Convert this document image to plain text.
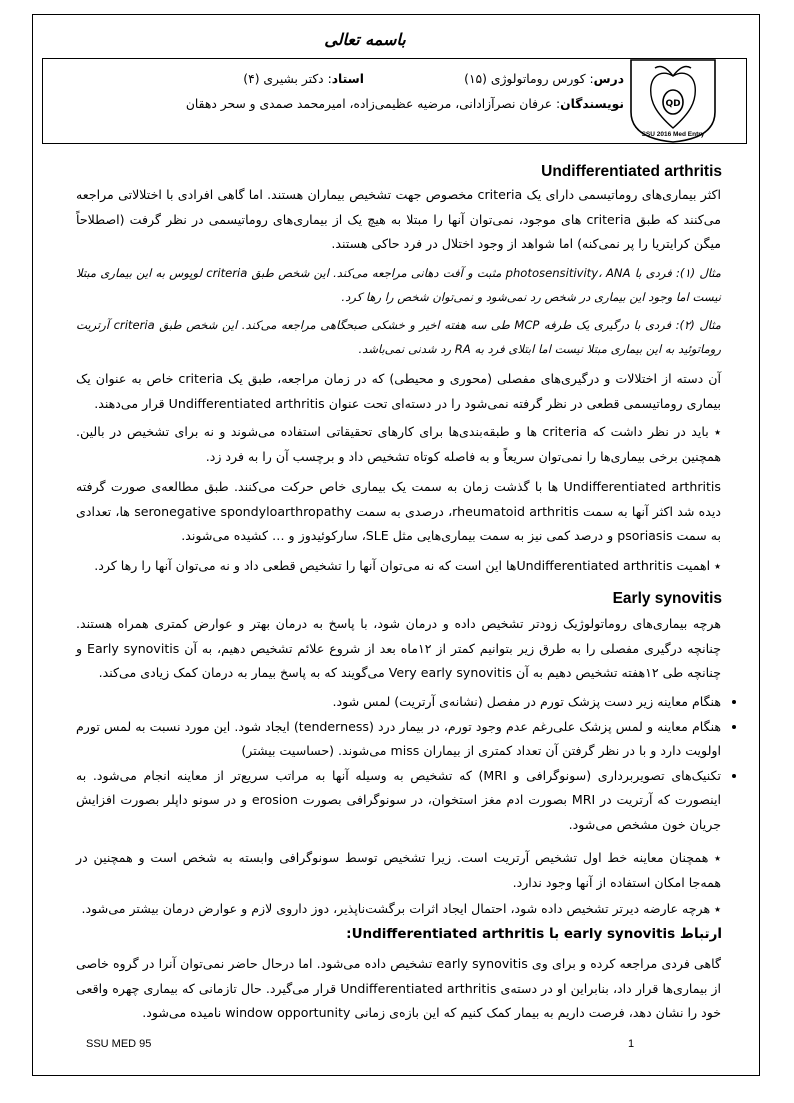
باسمه تعالی
QD
SSU 2016 Med Entry
درس: کورس روماتولوژی (۱۵)
استاد: دکتر بشیری (۴)
نویسندگان: عرفان نصرآزادانی، مرضیه عظیمی‌زاده، امیرمحمد صمدی و سحر دهقان
Undifferentiated arthritis
اکثر بیماری‌های روماتیسمی دارای یک criteria مخصوص جهت تشخیص بیماران هستند. اما گاهی افرادی با اختلالاتی مراجعه می‌کنند که طبق criteria های موجود، نمی‌توان آنها را مبتلا به هیچ یک از بیماری‌های روماتیسمی در نظر گرفت (اصطلاحاً میگن کرایتریا را پر نمی‌کنه) اما شواهد از وجود اختلال در فرد حاکی هستند.
مثال (۱): فردی با photosensitivity، ANA مثبت و آفت دهانی مراجعه می‌کند. این شخص طبق criteria لوپوس به این بیماری مبتلا نیست اما وجود این بیماری در شخص رد نمی‌شود و نمی‌توان شخص را رها کرد.
مثال (۲): فردی با درگیری یک طرفه MCP طی سه هفته اخیر و خشکی صبحگاهی مراجعه می‌کند. این شخص طبق criteria آرتریت روماتوئید به این بیماری مبتلا نیست اما ابتلای فرد به RA رد شدنی نمی‌باشد.
آن دسته از اختلالات و درگیری‌های مفصلی (محوری و محیطی) که در زمان مراجعه، طبق یک criteria خاص به عنوان یک بیماری روماتیسمی قطعی در نظر گرفته نمی‌شود را در دسته‌ای تحت عنوان Undifferentiated arthritis قرار می‌دهند.
٭ باید در نظر داشت که criteria ها و طبقه‌بندی‌ها برای کارهای تحقیقاتی استفاده می‌شوند و نه برای تشخیص در بالین. همچنین برخی بیماری‌ها را نمی‌توان سریعاً و به فاصله کوتاه تشخیص داد و برچسب آن را به فرد زد.
Undifferentiated arthritis ها با گذشت زمان به سمت یک بیماری خاص حرکت می‌کنند. طبق مطالعه‌ی صورت گرفته دیده شد اکثر آنها به سمت rheumatoid arthritis، درصدی به سمت seronegative spondyloarthropathy ها، تعدادی به سمت psoriasis و درصد کمی نیز به سمت بیماری‌هایی مثل SLE، سارکوئیدوز و … کشیده می‌شوند.
٭ اهمیت Undifferentiated arthritisها این است که نه می‌توان آنها را تشخیص قطعی داد و نه می‌توان آنها را رها کرد.
Early synovitis
هرچه بیماری‌های روماتولوژیک زودتر تشخیص داده و درمان شود، با پاسخ به درمان بهتر و عوارض کمتری همراه هستند. چنانچه درگیری مفصلی را به طرق زیر بتوانیم کمتر از ۱۲ماه بعد از شروع علائم تشخیص دهیم، به آن Early synovitis و چنانچه طی ۱۲هفته تشخیص دهیم به آن Very early synovitis می‌گویند که به پاسخ بیمار به درمان کمک زیادی می‌کند.
• هنگام معاینه زیر دست پزشک تورم در مفصل (نشانه‌ی آرتریت) لمس شود.
• هنگام معاینه و لمس پزشک علی‌رغم عدم وجود تورم، در بیمار درد (tenderness) ایجاد شود. این مورد نسبت به لمس تورم اولویت دارد و با در نظر گرفتن آن تعداد کمتری از بیماران miss می‌شوند. (حساسیت بیشتر)
• تکنیک‌های تصویربرداری (سونوگرافی و MRI) که تشخیص به وسیله آنها به مراتب سریع‌تر از معاینه انجام می‌شود. به اینصورت که آرتریت در MRI بصورت ادم مغز استخوان، در سونوگرافی بصورت erosion و در سونو داپلر بصورت افزایش جریان خون مشخص می‌شود.
٭ همچنان معاینه خط اول تشخیص آرتریت است. زیرا تشخیص توسط سونوگرافی وابسته به شخص است و همچنین در همه‌جا امکان استفاده از آنها وجود ندارد.
٭ هرچه عارضه دیرتر تشخیص داده شود، احتمال ایجاد اثرات برگشت‌ناپذیر، دوز داروی لازم و عوارض درمان بیشتر می‌شود.
ارتباط early synovitis با Undifferentiated arthritis:
گاهی فردی مراجعه کرده و برای وی early synovitis تشخیص داده می‌شود. اما درحال حاضر نمی‌توان آنرا در گروه خاصی از بیماری‌ها قرار داد، بنابراین او در دسته‌ی Undifferentiated arthritis قرار می‌گیرد. حال تازمانی که بیماری چهره واقعی خود را نشان دهد، فرصت داریم به بیمار کمک کنیم که این بازه‌ی زمانی window opportunity نامیده می‌شود.
SSU MED 95	1
